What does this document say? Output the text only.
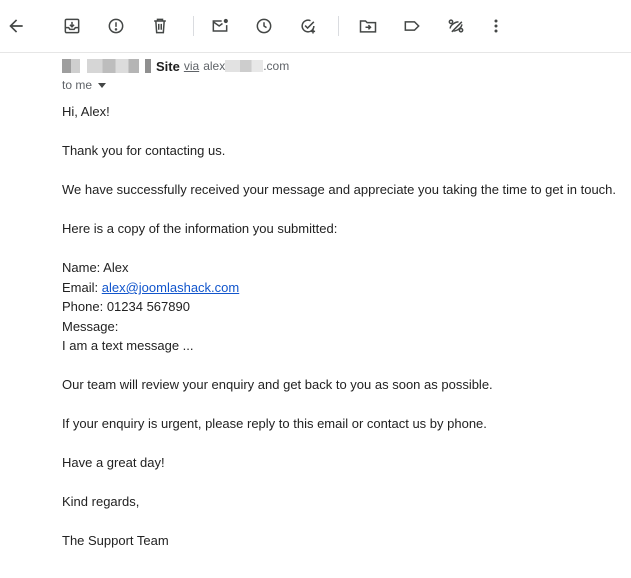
Site via alex	.com
to me
Hi, Alex!
Thank you for contacting us.
We have successfully received your message and appreciate you taking the time to get in touch.
Here is a copy of the information you submitted:
Name: Alex
Email: alex@joomlashack.com
Phone: 01234 567890
Message:
I am a text message ...
Our team will review your enquiry and get back to you as soon as possible.
If your enquiry is urgent, please reply to this email or contact us by phone.
Have a great day!
Kind regards,
The Support Team
